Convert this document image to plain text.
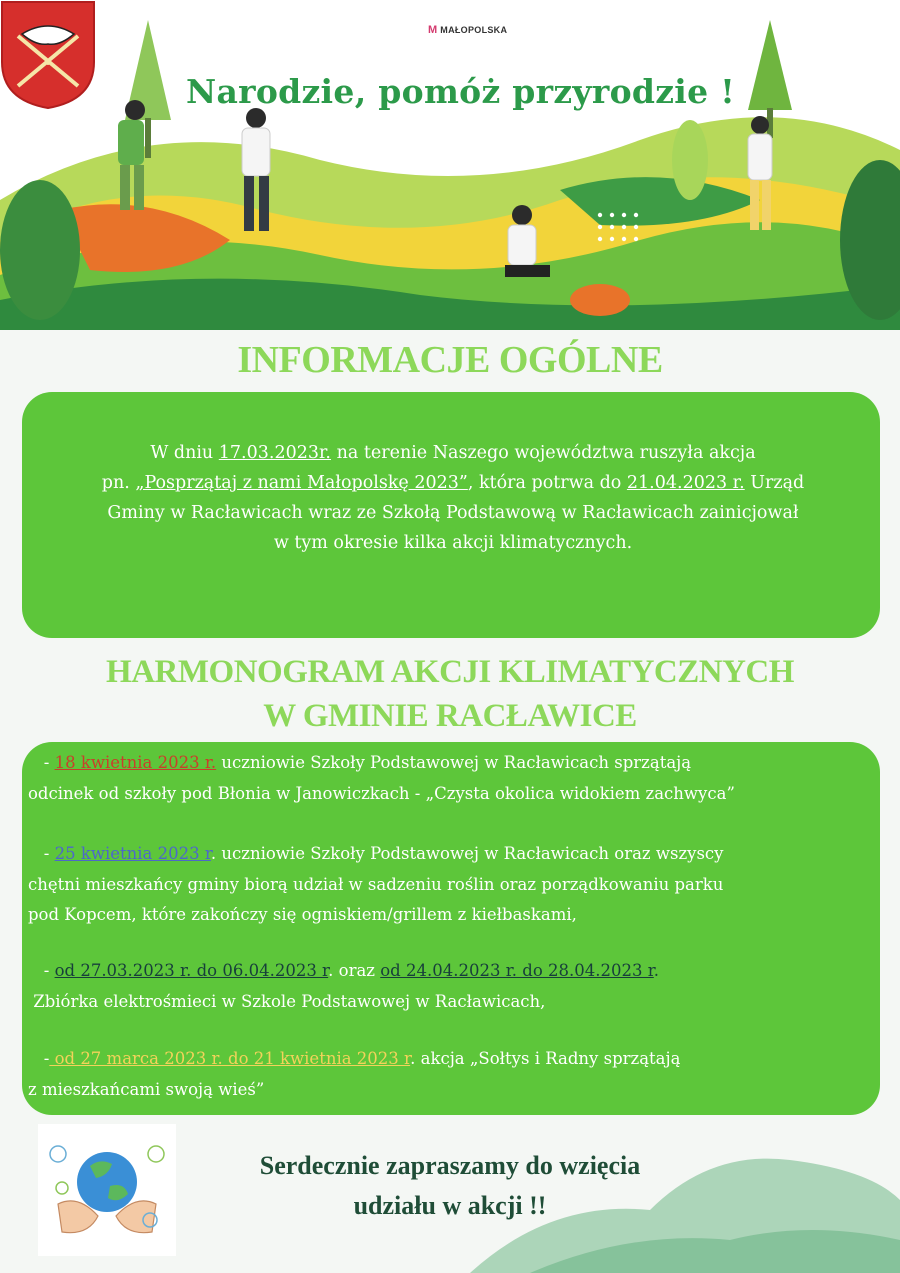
M MAŁOPOLSKA
Narodzie, pomóż przyrodzie !
INFORMACJE OGÓLNE
W dniu 17.03.2023r. na terenie Naszego województwa ruszyła akcja
pn. „Posprzątaj z nami Małopolskę 2023”, która potrwa do 21.04.2023 r. Urząd
Gminy w Racławicach wraz ze Szkołą Podstawową w Racławicach zainicjował
w tym okresie kilka akcji klimatycznych.
HARMONOGRAM AKCJI KLIMATYCZNYCH
W GMINIE RACŁAWICE
- 18 kwietnia 2023 r. uczniowie Szkoły Podstawowej w Racławicach sprzątają
odcinek od szkoły pod Błonia w Janowiczkach - „Czysta okolica widokiem zachwyca”
- 25 kwietnia 2023 r. uczniowie Szkoły Podstawowej w Racławicach oraz wszyscy
chętni mieszkańcy gminy biorą udział w sadzeniu roślin oraz porządkowaniu parku
pod Kopcem, które zakończy się ogniskiem/grillem z kiełbaskami,
- od 27.03.2023 r. do 06.04.2023 r. oraz od 24.04.2023 r. do 28.04.2023 r.
Zbiórka elektrośmieci w Szkole Podstawowej w Racławicach,
- od 27 marca 2023 r. do 21 kwietnia 2023 r. akcja „Sołtys i Radny sprzątają
z mieszkańcami swoją wieś”
Serdecznie zapraszamy do wzięcia
udziału w akcji !!
